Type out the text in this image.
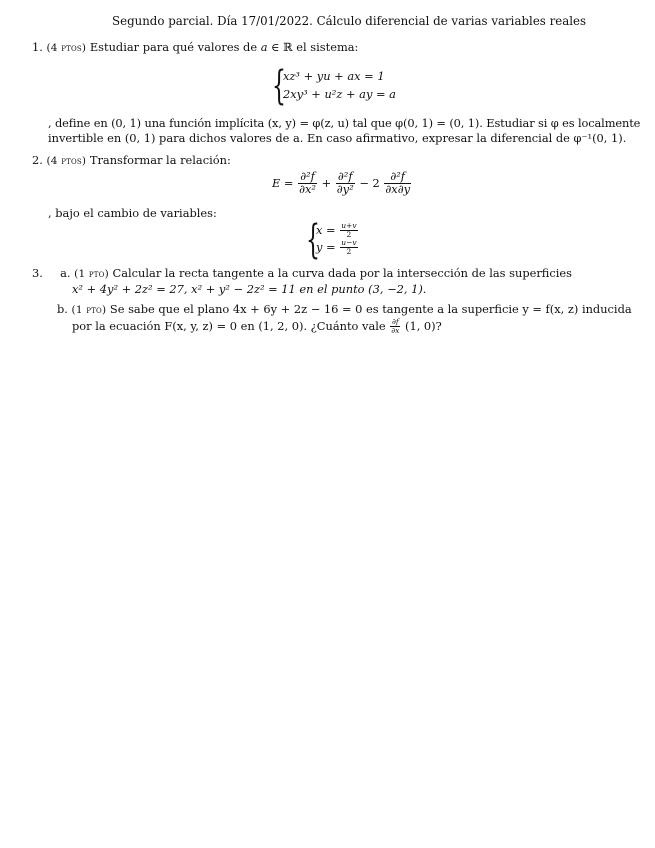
Segundo parcial. Día 17/01/2022. Cálculo diferencial de varias variables reales
1. (4 ptos) Estudiar para qué valores de a ∈ ℝ el sistema:
{
xz³ + yu + ax = 1
2xy³ + u²z + ay = a
, define en (0, 1) una función implícita (x, y) = φ(z, u) tal que φ(0, 1) = (0, 1). Estudiar si φ es localmente
invertible en (0, 1) para dichos valores de a. En caso afirmativo, expresar la diferencial de φ⁻¹(0, 1).
2. (4 ptos) Transformar la relación:
$E = \frac{\text{∂²f}}{\text{∂x²}} + \frac{\text{∂²f}}{\text{∂y²}} - 2 \frac{\text{∂²f}}{\partial x\partial y}$
, bajo el cambio de variables:
{
$x = \frac{u+v}{2}$
$y = \frac{u-v}{2}$
3. a. (1 pto) Calcular la recta tangente a la curva dada por la intersección de las superficies
x² + 4y² + 2z² = 27, x² + y² − 2z² = 11 en el punto (3, −2, 1).
b. (1 pto) Se sabe que el plano 4x + 6y + 2z − 16 = 0 es tangente a la superficie y = f(x, z) inducida
por la ecuación F(x, y, z) = 0 en (1, 2, 0). ¿Cuánto vale $\frac{\partial f}{\partial x} (1$, 0)?
